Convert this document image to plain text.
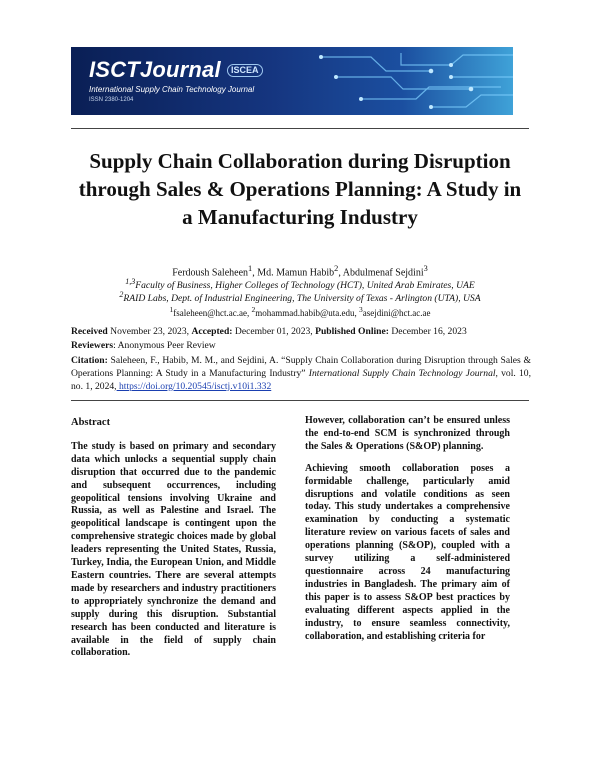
ISCTJournal	ISCEA
International Supply Chain Technology Journal
ISSN 2380-1204
Supply Chain Collaboration during Disruption through Sales & Operations Planning: A Study in a Manufacturing Industry
Ferdoush Saleheen$^1$, Md. Mamun Habib$^2$, Abdulmenaf Sejdini$^3$
$^{1,3}$Faculty of Business, Higher Colleges of Technology (HCT), United Arab Emirates, UAE
$^2$RAID Labs, Dept. of Industrial Engineering, The University of Texas - Arlington (UTA), USA
$^1$fsaleheen@hct.ac.ae, $^2$mohammad.habib@uta.edu, $^3$asejdini@hct.ac.ae
Received November 23, 2023, Accepted: December 01, 2023, Published Online: December 16, 2023
Reviewers: Anonymous Peer Review
Citation: Saleheen, F., Habib, M. M., and Sejdini, A. “Supply Chain Collaboration during Disruption through Sales & Operations Planning: A Study in a Manufacturing Industry” International Supply Chain Technology Journal, vol. 10, no. 1, 2024, https://doi.org/10.20545/isctj.v10i1.332
Abstract

The study is based on primary and secondary data which unlocks a sequential supply chain disruption that occurred due to the pandemic and subsequent occurrences, including geopolitical tensions involving Ukraine and Russia, as well as Palestine and Israel. The geopolitical landscape is contingent upon the comprehensive strategic choices made by global leaders representing the United States, Russia, Turkey, India, the European Union, and Middle Eastern countries. There are several attempts made by researchers and industry practitioners to appropriately synchronize the demand and supply during this disruption. Substantial research has been conducted and literature is available in the field of supply chain collaboration.

However, collaboration can’t be ensured unless the end-to-end SCM is synchronized through the Sales & Operations (S&OP) planning.

Achieving smooth collaboration poses a formidable challenge, particularly amid disruptions and volatile conditions as seen today. This study undertakes a comprehensive examination by conducting a systematic literature review on various facets of sales and operations planning (S&OP), coupled with a survey utilizing a self-administered questionnaire across 24 manufacturing industries in Bangladesh. The primary aim of this paper is to assess S&OP best practices by evaluating different aspects applied in the industry, to ensure seamless connectivity, collaboration, and establishing criteria for
